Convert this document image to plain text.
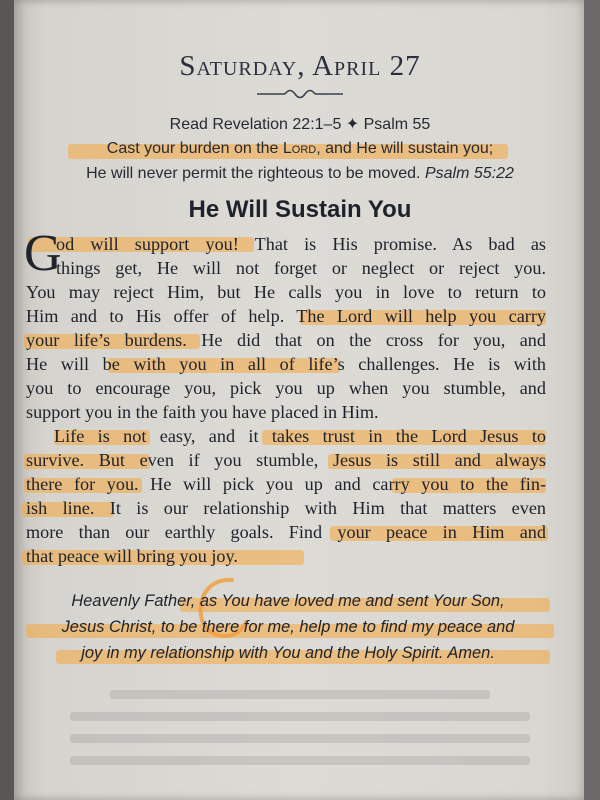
Saturday, April 27
Read Revelation 22:1–5 ✦ Psalm 55
Cast your burden on the Lord, and He will sustain you;
He will never permit the righteous to be moved. Psalm 55:22
He Will Sustain You
G
od will support you! That is His promise. As bad as
things get, He will not forget or neglect or reject you.
You may reject Him, but He calls you in love to return to
Him and to His offer of help. The Lord will help you carry
your life’s burdens. He did that on the cross for you, and
He will be with you in all of life’s challenges. He is with
you to encourage you, pick you up when you stumble, and
support you in the faith you have placed in Him.
Life is not easy, and it takes trust in the Lord Jesus to
survive. But even if you stumble, Jesus is still and always
there for you. He will pick you up and carry you to the fin-
ish line. It is our relationship with Him that matters even
more than our earthly goals. Find your peace in Him and
that peace will bring you joy.
Heavenly Father, as You have loved me and sent Your Son,
Jesus Christ, to be there for me, help me to find my peace and
joy in my relationship with You and the Holy Spirit. Amen.
